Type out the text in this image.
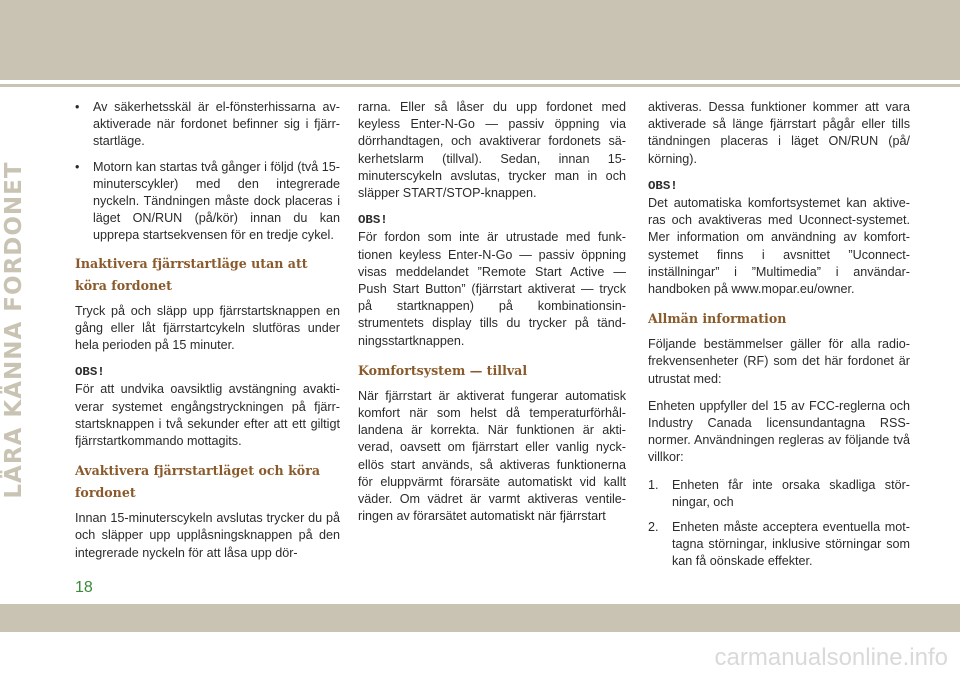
LÄRA KÄNNA FORDONET
• Av säkerhetsskäl är el-fönsterhissarna av-aktiverade när fordonet befinner sig i fjärr-startläge.
• Motorn kan startas två gånger i följd (två 15-minuterscykler) med den integrerade nyckeln. Tändningen måste dock placeras i läget ON/RUN (på/kör) innan du kan upprepa startsekvensen för en tredje cykel.
Inaktivera fjärrstartläge utan att köra fordonet

Tryck på och släpp upp fjärrstartsknappen en gång eller låt fjärrstartcykeln slutföras under hela perioden på 15 minuter.

OBS!

För att undvika oavsiktlig avstängning avakti-verar systemet engångstryckningen på fjärr-startsknappen i två sekunder efter att ett giltigt fjärrstartkommando mottagits.

Avaktivera fjärrstartläget och köra fordonet

Innan 15-minuterscykeln avslutas trycker du på och släpper upp upplåsningsknappen på den integrerade nyckeln för att låsa upp dör-

rarna. Eller så låser du upp fordonet med keyless Enter-N-Go — passiv öppning via dörrhandtagen, och avaktiverar fordonets sä-kerhetslarm (tillval). Sedan, innan 15-minuterscykeln avslutas, trycker man in och släpper START/STOP-knappen.

OBS!

För fordon som inte är utrustade med funk-tionen keyless Enter-N-Go — passiv öppning visas meddelandet ”Remote Start Active — Push Start Button” (fjärrstart aktiverat — tryck på startknappen) på kombinationsin-strumentets display tills du trycker på tänd-ningsstartknappen.

Komfortsystem — tillval

När fjärrstart är aktiverat fungerar automatisk komfort när som helst då temperaturförhål-landena är korrekta. När funktionen är akti-verad, oavsett om fjärrstart eller vanlig nyck-ellös start används, så aktiveras funktionerna för eluppvärmt förarsäte automatiskt vid kallt väder. Om vädret är varmt aktiveras ventile-ringen av förarsätet automatiskt när fjärrstart

aktiveras. Dessa funktioner kommer att vara aktiverade så länge fjärrstart pågår eller tills tändningen placeras i läget ON/RUN (på/ körning).

OBS!

Det automatiska komfortsystemet kan aktive-ras och avaktiveras med Uconnect-systemet. Mer information om användning av komfort-systemet finns i avsnittet ”Uconnect-inställningar” i ”Multimedia” i användar-handboken på www.mopar.eu/owner.

Allmän information

Följande bestämmelser gäller för alla radio-frekvensenheter (RF) som det här fordonet är utrustat med:

Enheten uppfyller del 15 av FCC-reglerna och Industry Canada licensundantagna RSS-normer. Användningen regleras av följande två villkor:

1. Enheten får inte orsaka skadliga stör-ningar, och
2. Enheten måste acceptera eventuella mot-tagna störningar, inklusive störningar som kan få oönskade effekter.
18
carmanualsonline.info
